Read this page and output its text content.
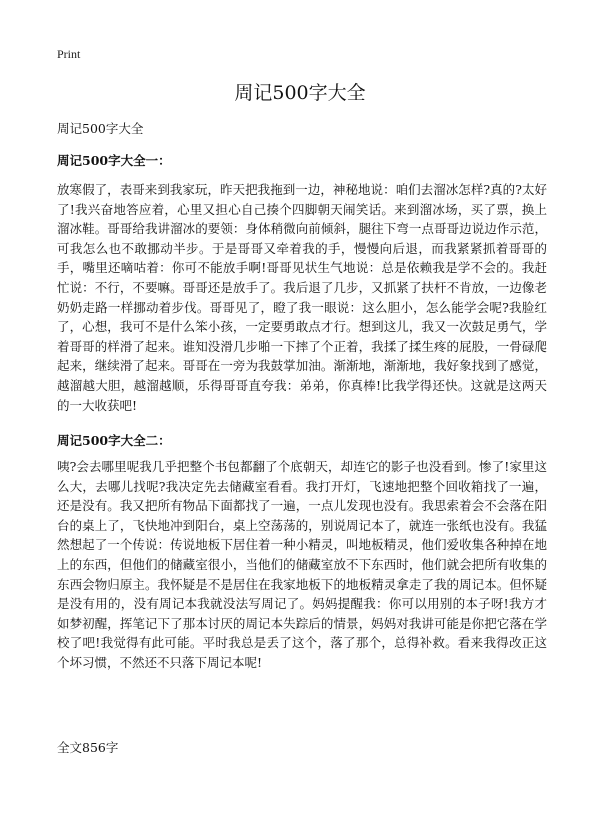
Print
周记500字大全

周记500字大全

周记500字大全一：

放寒假了，表哥来到我家玩，昨天把我拖到一边，神秘地说：咱们去溜冰怎样?真的?太好了!我兴奋地答应着，心里又担心自己揍个四脚朝天闹笑话。来到溜冰场，买了票，换上溜冰鞋。哥哥给我讲溜冰的要领：身体稍微向前倾斜，腿往下弯一点哥哥边说边作示范，可我怎么也不敢挪动半步。于是哥哥又牵着我的手，慢慢向后退，而我紧紧抓着哥哥的手，嘴里还嘀咕着：你可不能放手啊!哥哥见状生气地说：总是依赖我是学不会的。我赶忙说：不行，不要嘛。哥哥还是放手了。我后退了几步，又抓紧了扶杆不肯放，一边像老奶奶走路一样挪动着步伐。哥哥见了，瞪了我一眼说：这么胆小，怎么能学会呢?我脸红了，心想，我可不是什么笨小孩，一定要勇敢点才行。想到这儿，我又一次鼓足勇气，学着哥哥的样滑了起来。谁知没滑几步啪一下摔了个正着，我揉了揉生疼的屁股，一骨碌爬起来，继续滑了起来。哥哥在一旁为我鼓掌加油。渐渐地，渐渐地，我好象找到了感觉，越溜越大胆，越溜越顺，乐得哥哥直夸我：弟弟，你真棒!比我学得还快。这就是这两天的一大收获吧!

周记500字大全二：

咦?会去哪里呢我几乎把整个书包都翻了个底朝天，却连它的影子也没看到。惨了!家里这么大，去哪儿找呢?我决定先去储藏室看看。我打开灯，飞速地把整个回收箱找了一遍，还是没有。我又把所有物品下面都找了一遍，一点儿发现也没有。我思索着会不会落在阳台的桌上了，飞快地冲到阳台，桌上空荡荡的，别说周记本了，就连一张纸也没有。我猛然想起了一个传说：传说地板下居住着一种小精灵，叫地板精灵，他们爱收集各种掉在地上的东西，但他们的储藏室很小，当他们的储藏室放不下东西时，他们就会把所有收集的东西会物归原主。我怀疑是不是居住在我家地板下的地板精灵拿走了我的周记本。但怀疑是没有用的，没有周记本我就没法写周记了。妈妈提醒我：你可以用别的本子呀!我方才如梦初醒，挥笔记下了那本讨厌的周记本失踪后的情景，妈妈对我讲可能是你把它落在学校了吧!我觉得有此可能。平时我总是丢了这个，落了那个，总得补救。看来我得改正这个坏习惯，不然还不只落下周记本呢!

全文856字
